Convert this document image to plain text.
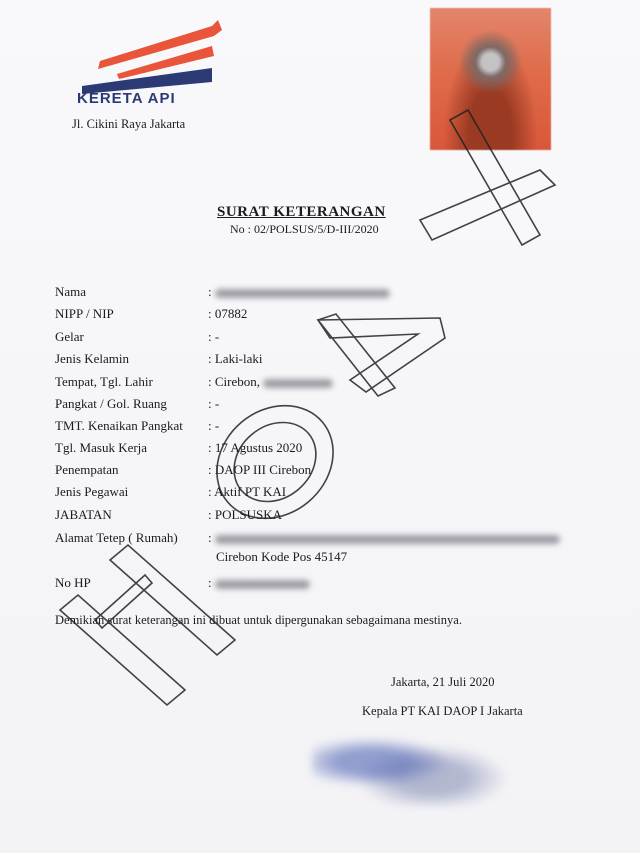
KERETA API
Jl. Cikini Raya Jakarta
SURAT KETERANGAN
No : 02/POLSUS/5/D-III/2020
Nama	:
NIPP / NIP	: 07882
Gelar	: -
Jenis Kelamin	: Laki-laki
Tempat, Tgl. Lahir	: Cirebon,
Pangkat / Gol. Ruang	: -
TMT. Kenaikan Pangkat : -
Tgl. Masuk Kerja	: 17 Agustus 2020
Penempatan	: DAOP III Cirebon
Jenis Pegawai	: Aktif PT KAI
JABATAN	: POLSUSKA
Alamat Tetep ( Rumah) :
Cirebon Kode Pos 45147
No HP	:
Demikian surat keterangan ini dibuat untuk dipergunakan sebagaimana mestinya.
Jakarta, 21 Juli 2020
Kepala PT KAI DAOP I Jakarta
